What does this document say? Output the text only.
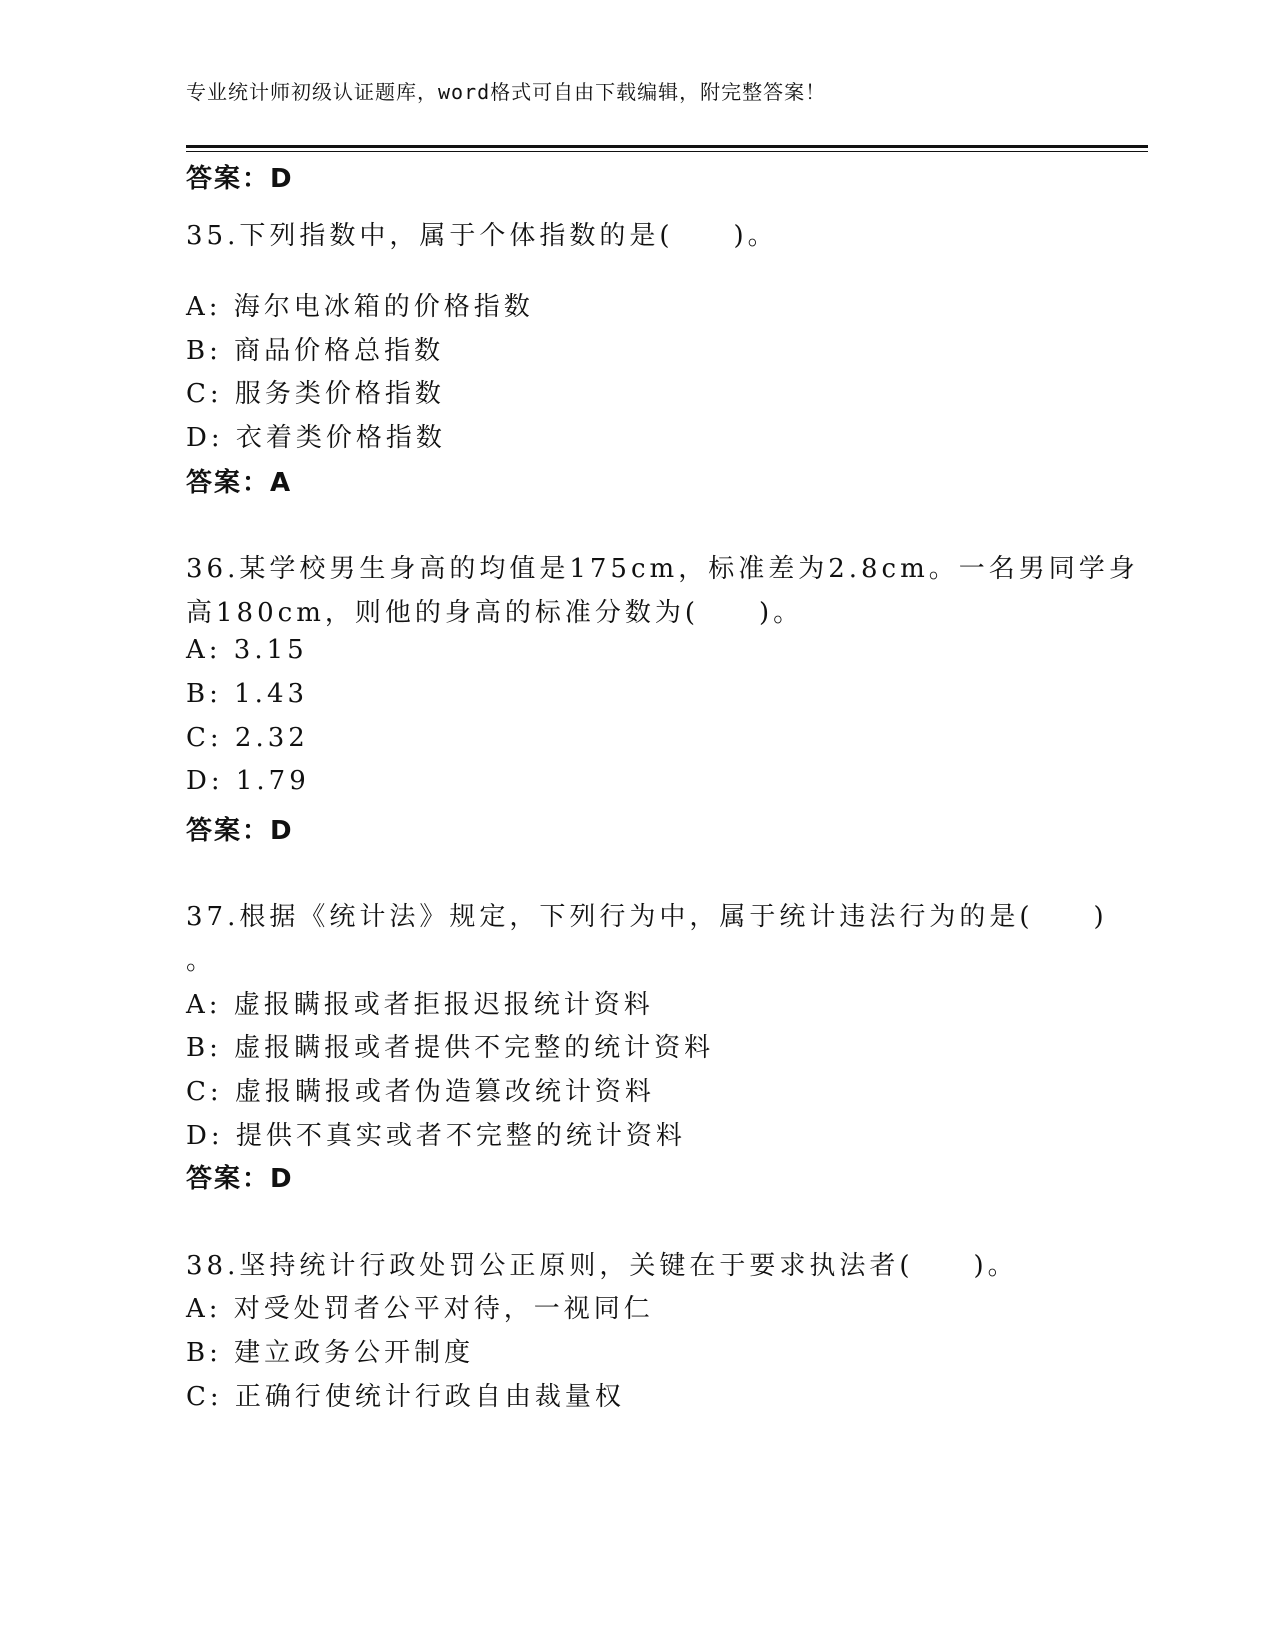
专业统计师初级认证题库，word格式可自由下载编辑，附完整答案！
答案：D
35.下列指数中，属于个体指数的是(　　)。
A: 海尔电冰箱的价格指数
B: 商品价格总指数
C: 服务类价格指数
D: 衣着类价格指数
答案：A
36.某学校男生身高的均值是175cm，标准差为2.8cm。一名男同学身
高180cm，则他的身高的标准分数为(　　)。
A: 3.15
B: 1.43
C: 2.32
D: 1.79
答案：D
37.根据《统计法》规定，下列行为中，属于统计违法行为的是(　　)
。
A: 虚报瞒报或者拒报迟报统计资料
B: 虚报瞒报或者提供不完整的统计资料
C: 虚报瞒报或者伪造篡改统计资料
D: 提供不真实或者不完整的统计资料
答案：D
38.坚持统计行政处罚公正原则，关键在于要求执法者(　　)。
A: 对受处罚者公平对待，一视同仁
B: 建立政务公开制度
C: 正确行使统计行政自由裁量权
